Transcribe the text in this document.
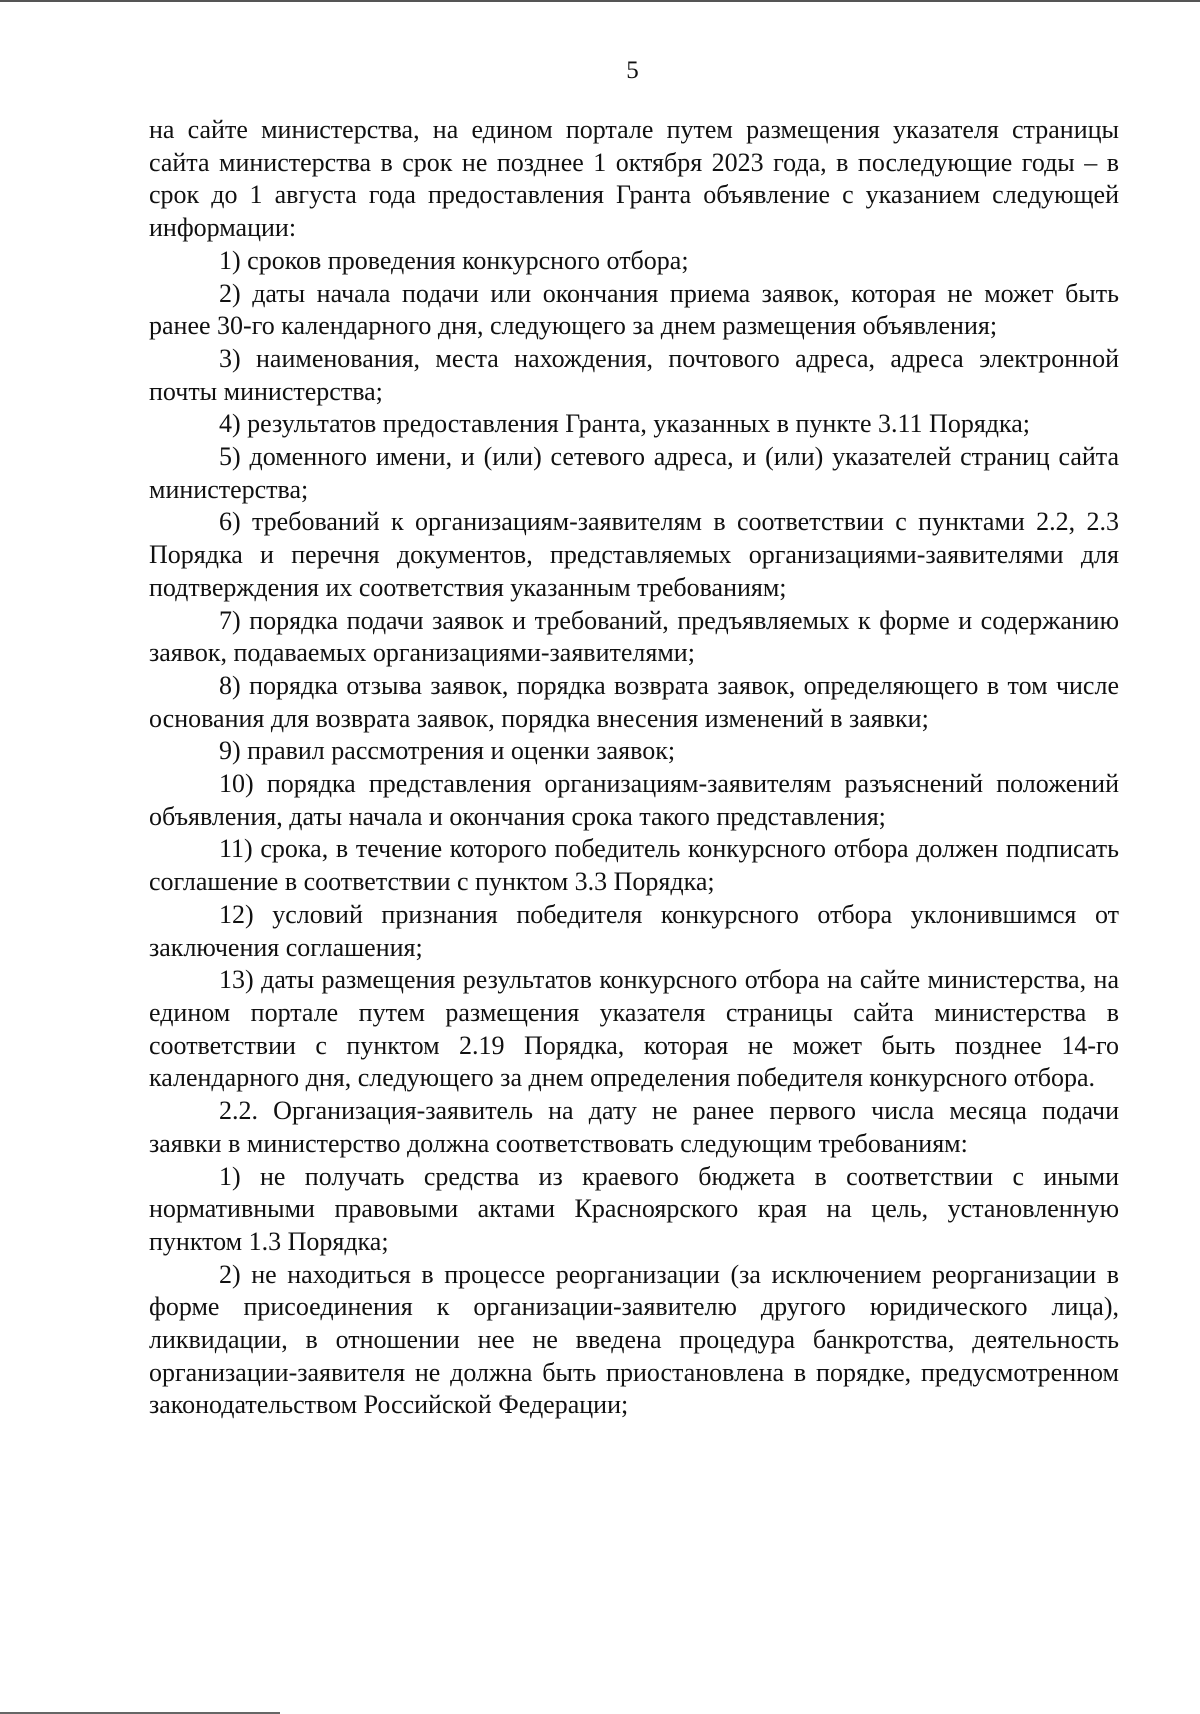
5

на сайте министерства, на едином портале путем размещения указателя страницы сайта министерства в срок не позднее 1 октября 2023 года, в последующие годы – в срок до 1 августа года предоставления Гранта объявление с указанием следующей информации:

1) сроков проведения конкурсного отбора;

2) даты начала подачи или окончания приема заявок, которая не может быть ранее 30-го календарного дня, следующего за днем размещения объявления;

3) наименования, места нахождения, почтового адреса, адреса электронной почты министерства;

4) результатов предоставления Гранта, указанных в пункте 3.11 Порядка;

5) доменного имени, и (или) сетевого адреса, и (или) указателей страниц сайта министерства;

6) требований к организациям-заявителям в соответствии с пунктами 2.2, 2.3 Порядка и перечня документов, представляемых организациями-заявителями для подтверждения их соответствия указанным требованиям;

7) порядка подачи заявок и требований, предъявляемых к форме и содержанию заявок, подаваемых организациями-заявителями;

8) порядка отзыва заявок, порядка возврата заявок, определяющего в том числе основания для возврата заявок, порядка внесения изменений в заявки;

9) правил рассмотрения и оценки заявок;

10) порядка представления организациям-заявителям разъяснений положений объявления, даты начала и окончания срока такого представления;

11) срока, в течение которого победитель конкурсного отбора должен подписать соглашение в соответствии с пунктом 3.3 Порядка;

12) условий признания победителя конкурсного отбора уклонившимся от заключения соглашения;

13) даты размещения результатов конкурсного отбора на сайте министерства, на едином портале путем размещения указателя страницы сайта министерства в соответствии с пунктом 2.19 Порядка, которая не может быть позднее 14-го календарного дня, следующего за днем определения победителя конкурсного отбора.

2.2. Организация-заявитель на дату не ранее первого числа месяца подачи заявки в министерство должна соответствовать следующим требованиям:

1) не получать средства из краевого бюджета в соответствии с иными нормативными правовыми актами Красноярского края на цель, установленную пунктом 1.3 Порядка;

2) не находиться в процессе реорганизации (за исключением реорганизации в форме присоединения к организации-заявителю другого юридического лица), ликвидации, в отношении нее не введена процедура банкротства, деятельность организации-заявителя не должна быть приостановлена в порядке, предусмотренном законодательством Российской Федерации;
